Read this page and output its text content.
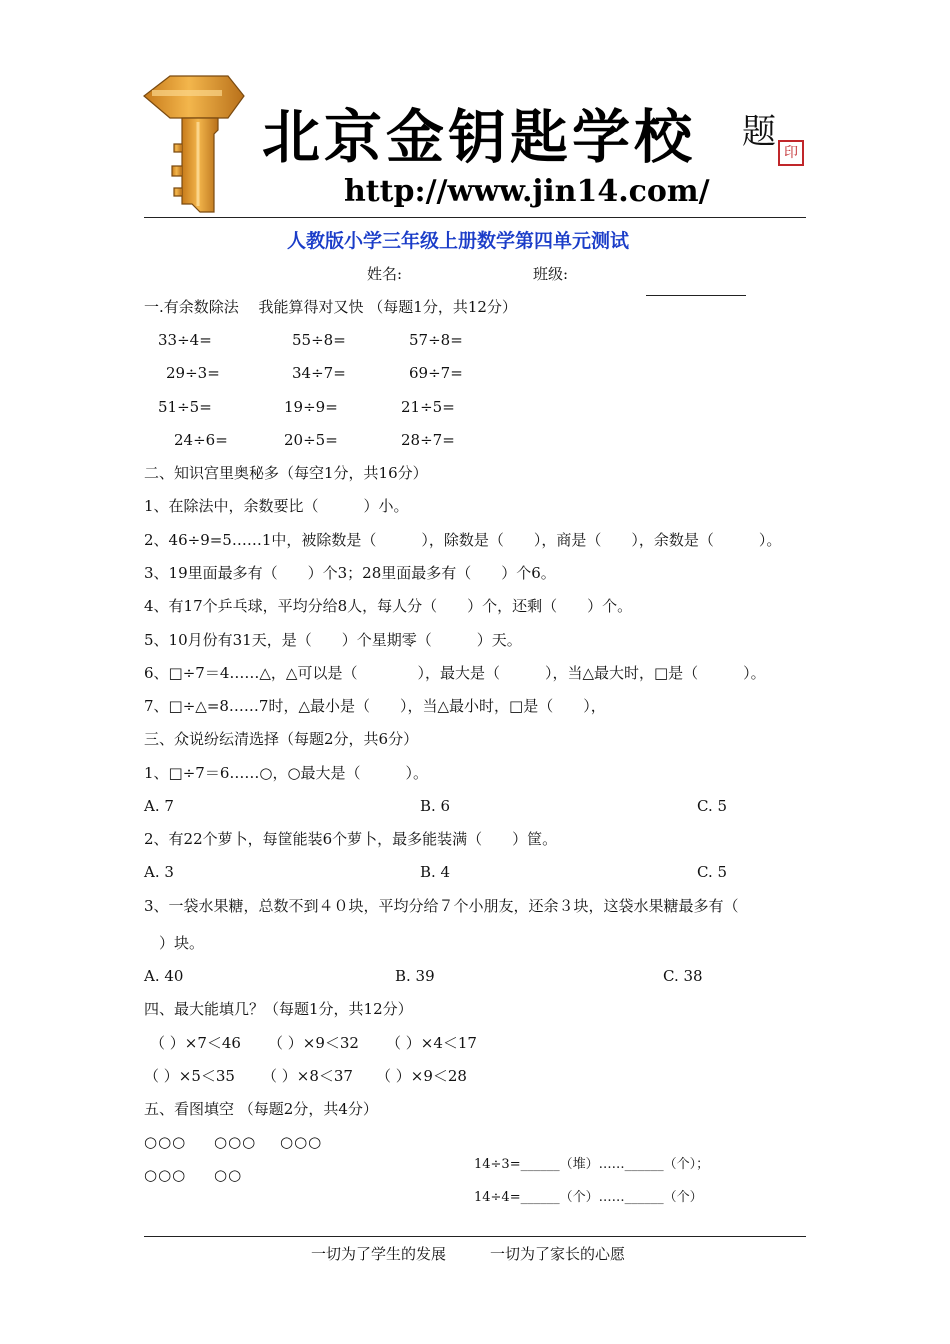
北京金钥匙学校 题
印
http://www.jin14.com/
人教版小学三年级上册数学第四单元测试
姓名:	班级:
一.有余数除法　 我能算得对又快 （每题1分，共12分）
33÷4=	55÷8=	57÷8=
29÷3=	34÷7=	69÷7=
51÷5=	19÷9=	21÷5=
24÷6=	20÷5=	28÷7=
二、知识宫里奥秘多（每空1分，共16分）
1、在除法中，余数要比（　　　）小。
2、46÷9=5……1中，被除数是（　　　），除数是（　　），商是（　　），余数是（　　　）。
3、19里面最多有（　　）个3；28里面最多有（　　）个6。
4、有17个乒乓球，平均分给8人，每人分（　　）个，还剩（　　）个。
5、10月份有31天，是（　　）个星期零（　　　）天。
6、□÷7＝4……△，△可以是（　　　　），最大是（　　　），当△最大时，□是（　　　）。
7、□÷△=8……7时，△最小是（　　），当△最小时，□是（　　），
三、众说纷纭清选择（每题2分，共6分）
1、□÷7＝6……○，○最大是（　　　）。
A. 7	B. 6	C. 5
2、有22个萝卜，每筐能装6个萝卜，最多能装满（　　）筐。
A. 3	B. 4	C. 5
3、一袋水果糖，总数不到４０块，平均分给７个小朋友，还余３块，这袋水果糖最多有（
　）块。
A. 40	B. 39	C. 38
四、最大能填几？（每题1分，共12分）
（ ）×7＜46 （ ）×9＜32 （ ）×4＜17
（ ）×5＜35 （ ）×8＜37 （ ）×9＜28
五、看图填空 （每题2分，共4分）
○○○ ○○○ ○○○
○○○ ○○
14÷3=______（堆）……______（个）；
14÷4=______（个）……______（个）
一切为了学生的发展	一切为了家长的心愿
